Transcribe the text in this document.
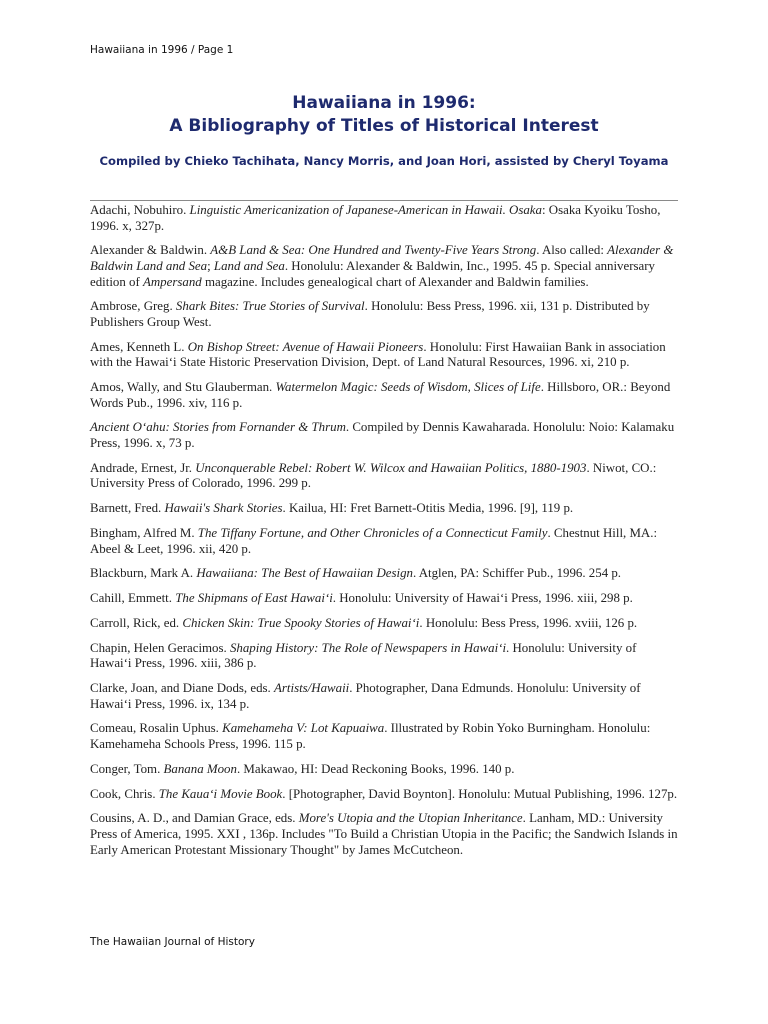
Hawaiiana in 1996 / Page 1
Hawaiiana in 1996:
A Bibliography of Titles of Historical Interest
Compiled by Chieko Tachihata, Nancy Morris, and Joan Hori, assisted by Cheryl Toyama
Adachi, Nobuhiro. Linguistic Americanization of Japanese-American in Hawaii. Osaka: Osaka Kyoiku Tosho, 1996. x, 327p.
Alexander & Baldwin. A&B Land & Sea: One Hundred and Twenty-Five Years Strong. Also called: Alexander & Baldwin Land and Sea; Land and Sea. Honolulu: Alexander & Baldwin, Inc., 1995. 45 p. Special anniversary edition of Ampersand magazine. Includes genealogical chart of Alexander and Baldwin families.
Ambrose, Greg. Shark Bites: True Stories of Survival. Honolulu: Bess Press, 1996. xii, 131 p. Distributed by Publishers Group West.
Ames, Kenneth L. On Bishop Street: Avenue of Hawaii Pioneers. Honolulu: First Hawaiian Bank in association with the Hawai‘i State Historic Preservation Division, Dept. of Land Natural Resources, 1996. xi, 210 p.
Amos, Wally, and Stu Glauberman. Watermelon Magic: Seeds of Wisdom, Slices of Life. Hillsboro, OR.: Beyond Words Pub., 1996. xiv, 116 p.
Ancient O‘ahu: Stories from Fornander & Thrum. Compiled by Dennis Kawaharada. Honolulu: Noio: Kalamaku Press, 1996. x, 73 p.
Andrade, Ernest, Jr. Unconquerable Rebel: Robert W. Wilcox and Hawaiian Politics, 1880-1903. Niwot, CO.: University Press of Colorado, 1996. 299 p.
Barnett, Fred. Hawaii's Shark Stories. Kailua, HI: Fret Barnett-Otitis Media, 1996. [9], 119 p.
Bingham, Alfred M. The Tiffany Fortune, and Other Chronicles of a Connecticut Family. Chestnut Hill, MA.: Abeel & Leet, 1996. xii, 420 p.
Blackburn, Mark A. Hawaiiana: The Best of Hawaiian Design. Atglen, PA: Schiffer Pub., 1996. 254 p.
Cahill, Emmett. The Shipmans of East Hawai‘i. Honolulu: University of Hawai‘i Press, 1996. xiii, 298 p.
Carroll, Rick, ed. Chicken Skin: True Spooky Stories of Hawai‘i. Honolulu: Bess Press, 1996. xviii, 126 p.
Chapin, Helen Geracimos. Shaping History: The Role of Newspapers in Hawai‘i. Honolulu: University of Hawai‘i Press, 1996. xiii, 386 p.
Clarke, Joan, and Diane Dods, eds. Artists/Hawaii. Photographer, Dana Edmunds. Honolulu: University of Hawai‘i Press, 1996. ix, 134 p.
Comeau, Rosalin Uphus. Kamehameha V: Lot Kapuaiwa. Illustrated by Robin Yoko Burningham. Honolulu: Kamehameha Schools Press, 1996. 115 p.
Conger, Tom. Banana Moon. Makawao, HI: Dead Reckoning Books, 1996. 140 p.
Cook, Chris. The Kaua‘i Movie Book. [Photographer, David Boynton]. Honolulu: Mutual Publishing, 1996. 127p.
Cousins, A. D., and Damian Grace, eds. More's Utopia and the Utopian Inheritance. Lanham, MD.: University Press of America, 1995. XXI , 136p. Includes "To Build a Christian Utopia in the Pacific; the Sandwich Islands in Early American Protestant Missionary Thought" by James McCutcheon.
The Hawaiian Journal of History
